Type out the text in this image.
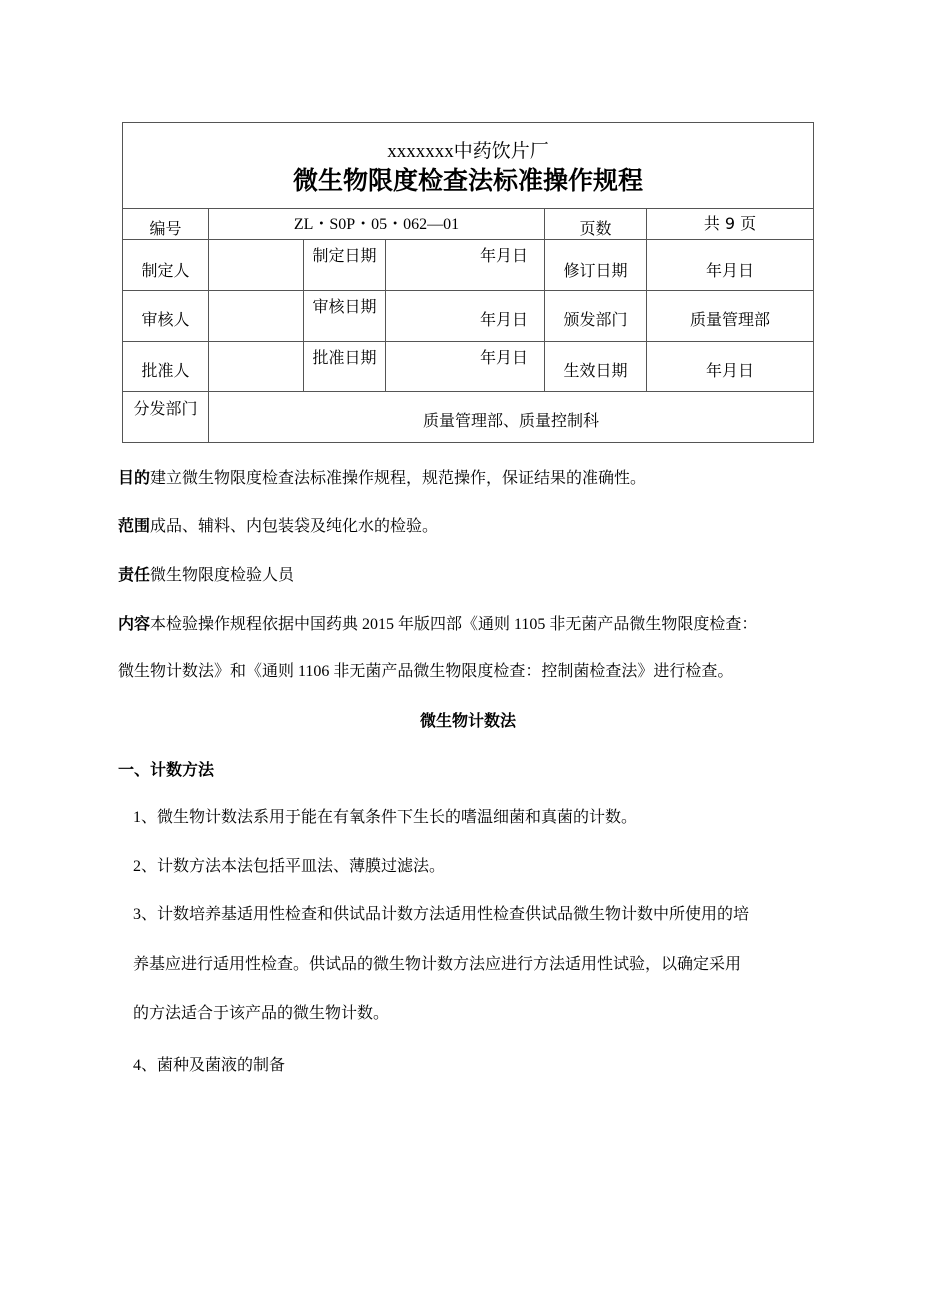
xxxxxxx中药饮片厂
微生物限度检查法标准操作规程					

编号	ZL・S0P・05・062—01			页数	共 9 页
制定人		制定日期	年月日	修订日期	年月日
审核人		审核日期	年月日	颁发部门	质量管理部
批准人		批准日期	年月日	生效日期	年月日
分发部门	质量管理部、质量控制科				
目的建立微生物限度检查法标准操作规程，规范操作，保证结果的准确性。
范围成品、辅料、内包装袋及纯化水的检验。
责任微生物限度检验人员
内容本检验操作规程依据中国药典 2015 年版四部《通则 1105 非无菌产品微生物限度检查：
微生物计数法》和《通则 1106 非无菌产品微生物限度检查：控制菌检查法》进行检查。
微生物计数法
一、计数方法
1、微生物计数法系用于能在有氧条件下生长的嗜温细菌和真菌的计数。
2、计数方法本法包括平皿法、薄膜过滤法。
3、计数培养基适用性检查和供试品计数方法适用性检查供试品微生物计数中所使用的培
养基应进行适用性检查。供试品的微生物计数方法应进行方法适用性试验，以确定采用
的方法适合于该产品的微生物计数。
4、菌种及菌液的制备
